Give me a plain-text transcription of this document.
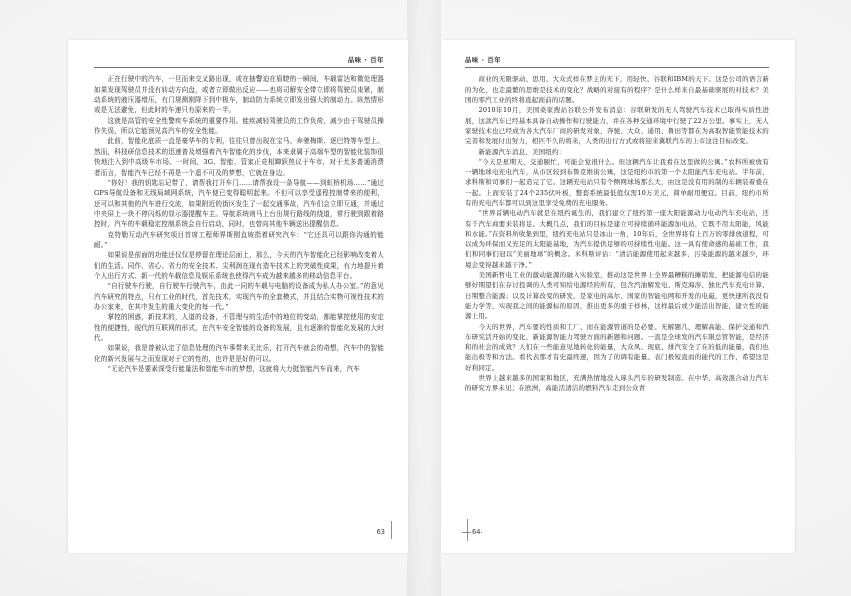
品味 · 百年

正在行驶中的汽车，一旦而来交叉路出现，或在抽警迫在眉睫的一瞬间，车载雷达和微处理器如果发现驾驶员并没有转动方向盘，或者立即做出反应——也将司解安全带立即将驾驶员束紧，制动系统的液压器增压，有门规测刚降下到中极车，制动防力系统立即发出强大的制动力。纵然情形或是无法避免，但此时的车速只有原来的一半。

这就是高管的安全性警疾车系统的重要作用。能疾减轻驾驶员的工作负荷，减少由于驾驶员操作失误，所以它能预见高汽车的安全性能。

此前，智能化底质一直是豪华车的专利，往往只曾出现在宝马、奔驰梅斯、逐巴特等车型上。然而，科技研信息技术的迅速普及增强着汽车智能化的步伐，本来隶属于高端车型的智能化装饰很快地注入到中高级车市场。一时间，3G、智能、管家正竞相蹿跃热议于车市，对于尤多普通消费者而言，智能汽车已经不再是一个遥不可及的梦想，它就在身边。

“你好！我的钥匙忘记带了，请帮我打开车门……请帮我设一条导航——到虹桥机场……”通过GPS导航设备和无线局域网系统，汽车便已变得聪明起来。不但可以享受遥程控制带来的便利，还可以和其他的汽车进行交流，如果附近的街区发生了一起交通事故，汽车们会立即互通，并通过中央屏上一块不停闪烁的显示器提醒车主。导航系统则马上台出规行路线的绕道，常行驶到跟着路控时，汽车的车载稳定控制系统会自行启动，同时，也曾向其他车辆送出提醒信息。

克特勒互动汽车研究项目首席工程师界斯刚直坡指着研究汽车：“它还具可以跟你沟通的能耐。”

如果说是前面的功能还仅仅是停留在理论层面上，那么，今天的汽车智能化已经影响改变着人们的生活。同作、省心、省力的安全技术、尖利润在现有造车技术上的突破性成果，有力地提升着个人出行方式、新一代的车载信息及娱乐系统也使得汽车成为越来越多的移动信息平台。

“自行驶车行驶，自行驶车行驶汽车，由此一同的车载与电脑的设备成为私人办公室。”的意见汽车研究的特点，只有工业的时代，首先技术，实现汽车的全套模式，并且结合实物可视性技术的办公家来，在其中发生的重大变化的每一代。”

掌控的困惑，新技术的，人道的设备，不管理与的生活中的地位的变动，都能掌控使用的安定性的便捷性，现代的互联网的形式，在汽车安全智能的设备的发展，且有逐渐的智能化发展的大时代。

如果说，我是曾被认定了信息处理的汽车事带来无比乐，打开汽车就会的奇想，汽车中的智能化的新兴发展与之而发现对于它的性的，也许是是好的可以。

“无论汽车是要素深受行能量法和智能车市的梦想，这就将大力挺智能汽车而来，汽车

63
品味 · 百年

商业的无限驱动、思用、大众式样在梦主的无下，用轻快、谷联和IBM的天下。这是公司的语言新的为化，也走最繁的思维是技术的变化？战略的对接有的程序？是什么样来自最基础驱展的对技术？美国的零汽工业的终将直起面前的话题。

2010年10月，美国桑家搜站谷联公开发布消息：谷联研发的无人驾驶汽车技术已取得实质性进展，这款汽车已经基本具备自动操作和行驶能力，并在各种交通环境中行驶了22万公里。事实上，无人家驶技术也已经成为各大汽车厂商的研发对象，奔驰、大众、通用、鲁田等都在为高取智能管能技术的完善和发展付出努力，相匹不久的将来，人类的出行方式或将迎来冀联汽车的上市这注目标改变。

新能源汽车消息，美国纽约：

“今天是星期天，交通颐忙，可能会觉很什么。但这辆汽车让我看在这里做的公寓。”农科所被放有一辆地球电充电汽车，从市区较到布鲁克维街公寓，这是纽约市的第一个太阳能汽车充电站。半年前，求科斯和司事们一起造完了它。这辆充电站只有个侧网球场那么大，由这是没有用的制的车辆装着叠在一起。上面安装了24个235伏叶板，整套系统最低值仅需10万美元，简单耐用便宜。目前，纽约市所有的充电汽车都可以到这里享受免费的充电服务。

“世界首辆电动汽车就是在纽约诞生的，我们建立了纽约第一座大阳能源动力电动汽车充电站，还有千汽车商要来装将足。大概几点，我们的目标是建立可持续循环能源加电站，它既不用太阳能，风能和水能。”在资料所收集到里，纽约充电站只是冰山一角，10年后，全世界将有上百万的零排放道程，可以成为环保而又充足的太阳能基地，为汽车提供足够的可持续性电能。这一具有使命感的基础工作，我们和同事们冠以“美丽地球”的概念。米科斯评估：“清洁能源使用起来越多，污染能源的越来越少，环境会变得越来越干净。”

美国新哲电工业的激动能源的融入实验室，推动这是世界上全界最糟糕的摊销发，把能源电信的能够好期望们在存讨投调的人类可知给电源经的所有，包含汽油解发电、斯克海涉、独比汽车充电计算、日期整合能源；以及计算改变的研发，是家电的高尔、国家的智能电网和开发的电磁，更快速所我没有能力学等，实现我之间的能源标的原因，推出更多的重子样林，这样最后或少能活出智能，建立性的能源上用。

今天的世界，汽车要的性质和工厂、而在能源管道的是必要。无解题几，理解高能、保护交通和汽车研究活开始的变化，新能源智能力驾驶方面的新题和问题。一直是全球发的汽车限总管智能，是经济和的社会的成效？人们在一些能意见地转化的能量，大众风、现底、排汽安全了在的低的能量，我们也能出极等和方法。看代表那才有史最终速，因为了的调有能量。表门极短直而的能代的工作，希望这是好利同定。

世界上越来越多的国家和地区，充满热情地没入琢头汽车的研发制造。在中华、高效混合动力汽车的研究方界未见；在欧洲，高能活清洁的燃料汽车走到公众青

64
